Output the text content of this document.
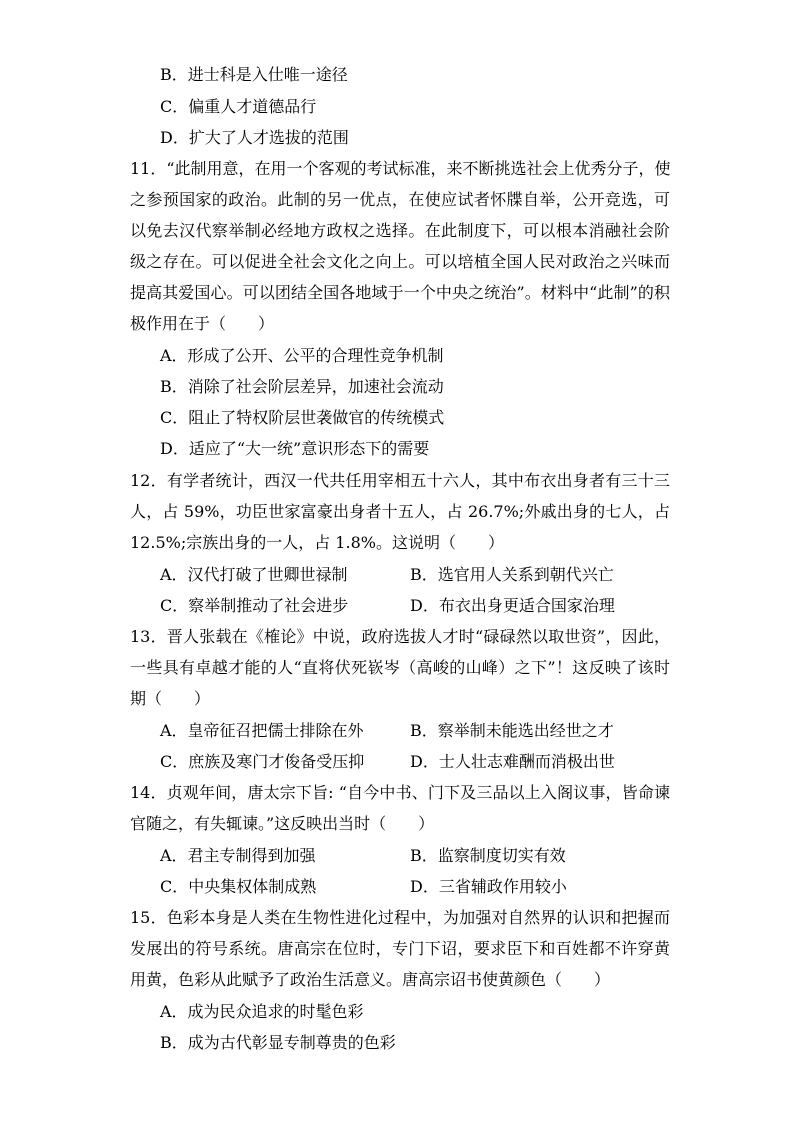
B．进士科是入仕唯一途径
C．偏重人才道德品行
D．扩大了人才选拔的范围
11．“此制用意，在用一个客观的考试标准，来不断挑选社会上优秀分子，使
之参预国家的政治。此制的另一优点，在使应试者怀牒自举，公开竞选，可
以免去汉代察举制必经地方政权之选择。在此制度下，可以根本消融社会阶
级之存在。可以促进全社会文化之向上。可以培植全国人民对政治之兴味而
提高其爱国心。可以团结全国各地域于一个中央之统治”。材料中“此制”的积
极作用在于（　　）
A．形成了公开、公平的合理性竞争机制
B．消除了社会阶层差异，加速社会流动
C．阻止了特权阶层世袭做官的传统模式
D．适应了“大一统”意识形态下的需要
12．有学者统计，西汉一代共任用宰相五十六人，其中布衣出身者有三十三
人，占 59%，功臣世家富豪出身者十五人，占 26.7%;外戚出身的七人，占
12.5%;宗族出身的一人，占 1.8%。这说明（　　）
A．汉代打破了世卿世禄制	B．选官用人关系到朝代兴亡
C．察举制推动了社会进步	D．布衣出身更适合国家治理
13．晋人张载在《榷论》中说，政府选拔人才时“碌碌然以取世资”，因此，
一些具有卓越才能的人“直将伏死嵚岑（高峻的山峰）之下”！这反映了该时
期（　　）
A．皇帝征召把儒士排除在外	B．察举制未能选出经世之才
C．庶族及寒门才俊备受压抑	D．士人壮志难酬而消极出世
14．贞观年间，唐太宗下旨: “自今中书、门下及三品以上入阁议事，皆命谏
官随之，有失辄谏。”这反映出当时（　　）
A．君主专制得到加强	B．监察制度切实有效
C．中央集权体制成熟	D．三省辅政作用较小
15．色彩本身是人类在生物性进化过程中，为加强对自然界的认识和把握而
发展出的符号系统。唐高宗在位时，专门下诏，要求臣下和百姓都不许穿黄
用黄，色彩从此赋予了政治生活意义。唐高宗诏书使黄颜色（　　）
A．成为民众追求的时髦色彩
B．成为古代彰显专制尊贵的色彩
